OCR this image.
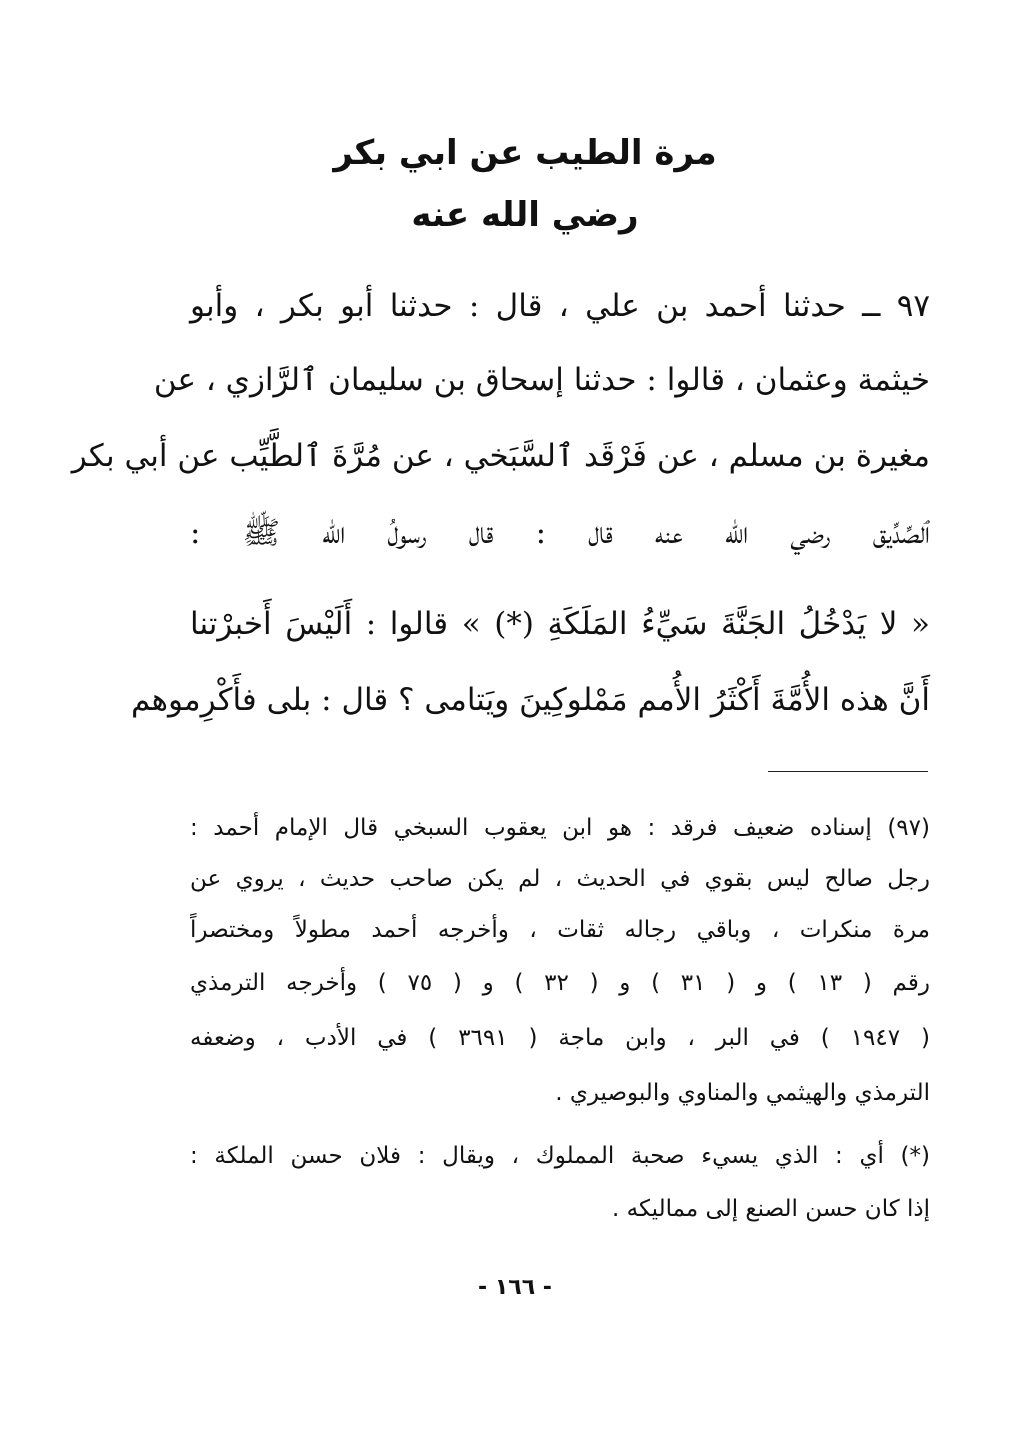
مرة الطيب عن ابي بكر
رضي الله عنه
٩٧ ــ حدثنا أحمد بن علي ، قال : حدثنا أبو بكر ، وأبو
خيثمة وعثمان ، قالوا : حدثنا إسحاق بن سليمان ٱلرَّازي ، عن
مغيرة بن مسلم ، عن فَرْقَد ٱلسَّبَخي ، عن مُرَّةَ ٱلطَّيِّب عن أبي بكر
ٱلصِّدِّيق رضي الله عنه قال : قال رسولُ الله ﷺ :
« لا يَدْخُلُ الجَنَّةَ سَيِّءُ المَلَكَةِ (*) » قالوا : أَلَيْسَ أَخبرْتنا
أَنَّ هذه الأُمَّةَ أَكْثَرُ الأُمم مَمْلوكِينَ ويَتامى ؟ قال : بلى فأَكْرِموهم
(٩٧) إسناده ضعيف فرقد : هو ابن يعقوب السبخي قال الإمام أحمد :
رجل صالح ليس بقوي في الحديث ، لم يكن صاحب حديث ، يروي عن
مرة منكرات ، وباقي رجاله ثقات ، وأخرجه أحمد مطولاً ومختصراً
رقم ( ١٣ ) و ( ٣١ ) و ( ٣٢ ) و ( ٧٥ ) وأخرجه الترمذي
( ١٩٤٧ ) في البر ، وابن ماجة ( ٣٦٩١ ) في الأدب ، وضعفه
الترمذي والهيثمي والمناوي والبوصيري .
(*) أي : الذي يسيء صحبة المملوك ، ويقال : فلان حسن الملكة :
إذا كان حسن الصنع إلى مماليكه .
- ١٦٦ -
